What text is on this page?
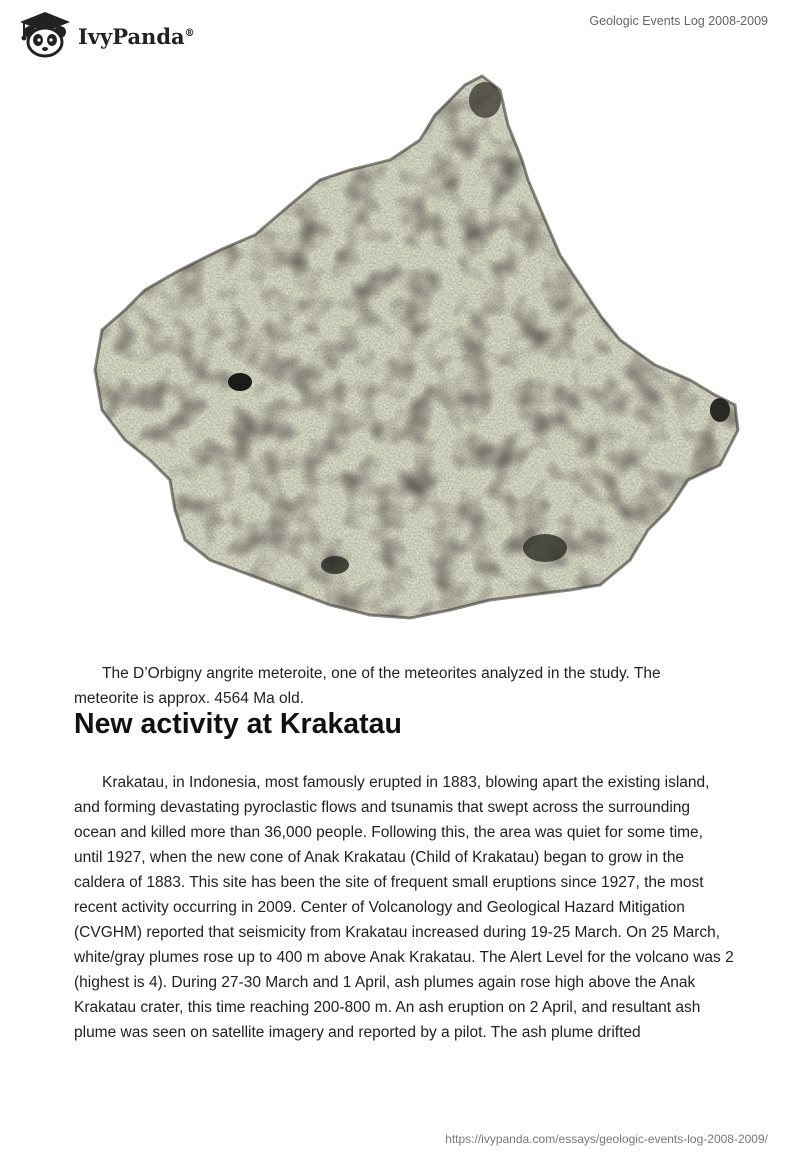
IvyPanda®
Geologic Events Log 2008-2009

The D’Orbigny angrite meteroite, one of the meteorites analyzed in the study. The meteorite is approx. 4564 Ma old.

New activity at Krakatau

Krakatau, in Indonesia, most famously erupted in 1883, blowing apart the existing island, and forming devastating pyroclastic flows and tsunamis that swept across the surrounding ocean and killed more than 36,000 people. Following this, the area was quiet for some time, until 1927, when the new cone of Anak Krakatau (Child of Krakatau) began to grow in the caldera of 1883. This site has been the site of frequent small eruptions since 1927, the most recent activity occurring in 2009. Center of Volcanology and Geological Hazard Mitigation (CVGHM) reported that seismicity from Krakatau increased during 19-25 March. On 25 March, white/gray plumes rose up to 400 m above Anak Krakatau. The Alert Level for the volcano was 2 (highest is 4). During 27-30 March and 1 April, ash plumes again rose high above the Anak Krakatau crater, this time reaching 200-800 m. An ash eruption on 2 April, and resultant ash plume was seen on satellite imagery and reported by a pilot. The ash plume drifted

https://ivypanda.com/essays/geologic-events-log-2008-2009/
